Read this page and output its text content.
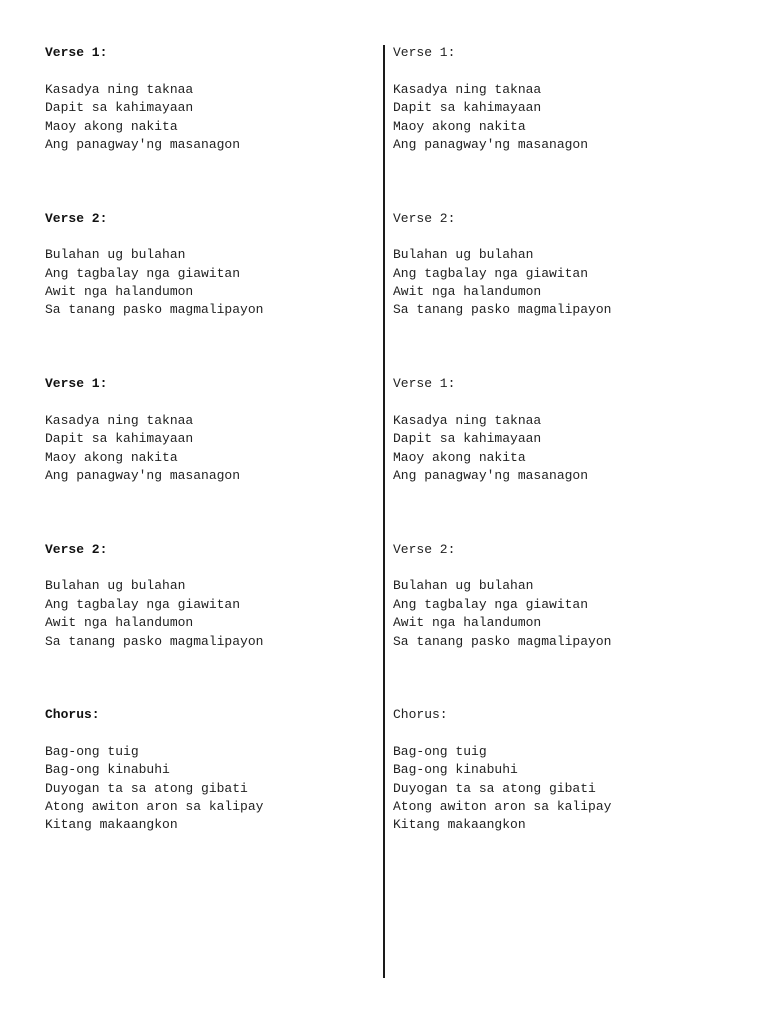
Verse 1:
Kasadya ning taknaa
Dapit sa kahimayaan
Maoy akong nakita
Ang panagway'ng masanagon
Verse 2:
Bulahan ug bulahan
Ang tagbalay nga giawitan
Awit nga halandumon
Sa tanang pasko magmalipayon
Verse 1:
Kasadya ning taknaa
Dapit sa kahimayaan
Maoy akong nakita
Ang panagway'ng masanagon
Verse 2:
Bulahan ug bulahan
Ang tagbalay nga giawitan
Awit nga halandumon
Sa tanang pasko magmalipayon
Chorus:
Bag-ong tuig
Bag-ong kinabuhi
Duyogan ta sa atong gibati
Atong awiton aron sa kalipay
Kitang makaangkon
Verse 1:
Kasadya ning taknaa
Dapit sa kahimayaan
Maoy akong nakita
Ang panagway'ng masanagon
Verse 2:
Bulahan ug bulahan
Ang tagbalay nga giawitan
Awit nga halandumon
Sa tanang pasko magmalipayon
Verse 1:
Kasadya ning taknaa
Dapit sa kahimayaan
Maoy akong nakita
Ang panagway'ng masanagon
Verse 2:
Bulahan ug bulahan
Ang tagbalay nga giawitan
Awit nga halandumon
Sa tanang pasko magmalipayon
Chorus:
Bag-ong tuig
Bag-ong kinabuhi
Duyogan ta sa atong gibati
Atong awiton aron sa kalipay
Kitang makaangkon
